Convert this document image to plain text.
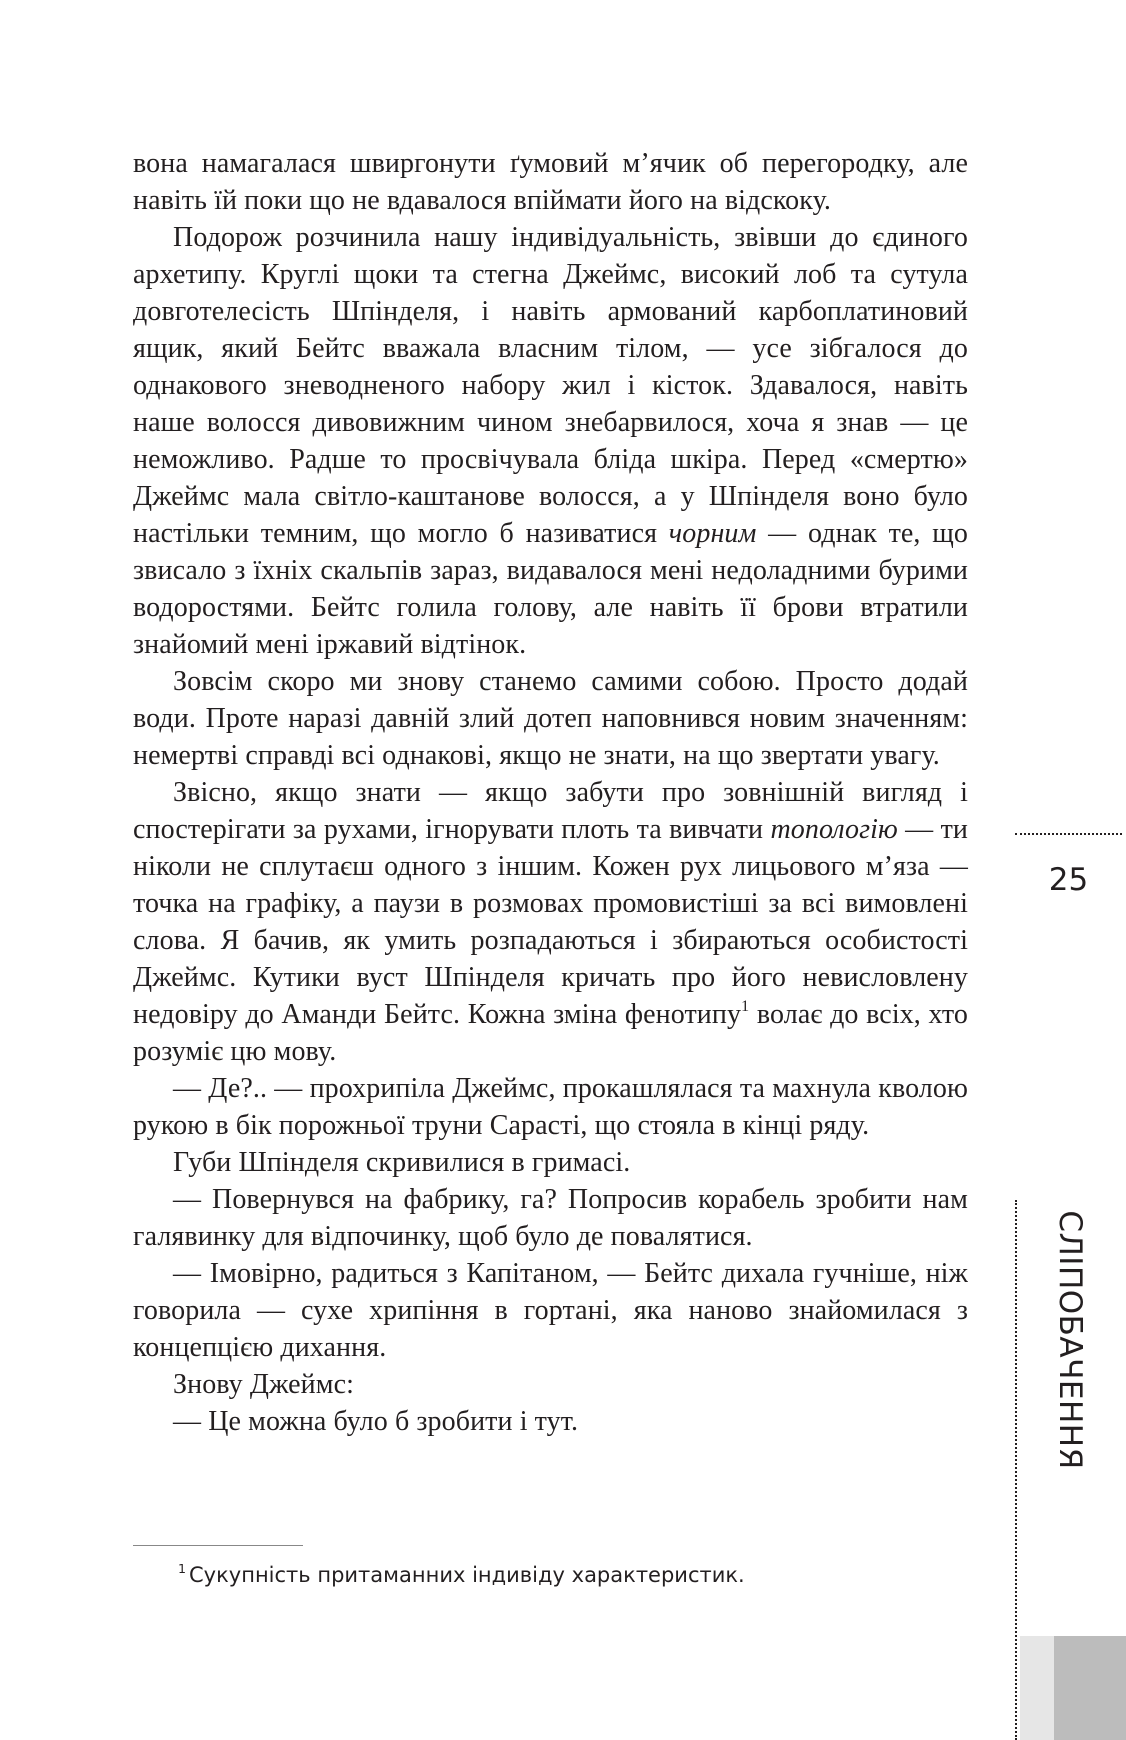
вона намагалася швиргонути ґумовий м’ячик об перегородку, але навіть їй поки що не вдавалося впіймати його на відскоку.

Подорож розчинила нашу індивідуальність, звівши до єдиного архетипу. Круглі щоки та стегна Джеймс, високий лоб та сутула довготелесість Шпінделя, і навіть армований карбоплатиновий ящик, який Бейтс вважала власним тілом, — усе зібгалося до однакового зневодненого набору жил і кісток. Здавалося, навіть наше волосся дивовижним чином знебарвилося, хоча я знав — це неможливо. Радше то просвічувала бліда шкіра. Перед «смертю» Джеймс мала світло-каштанове волосся, а у Шпінделя воно було настільки темним, що могло б називатися чорним — однак те, що звисало з їхніх скальпів зараз, видавалося мені недоладними бурими водоростями. Бейтс голила голову, але навіть її брови втратили знайомий мені іржавий відтінок.

Зовсім скоро ми знову станемо самими собою. Просто додай води. Проте наразі давній злий дотеп наповнився новим значенням: немертві справді всі однакові, якщо не знати, на що звертати увагу.

Звісно, якщо знати — якщо забути про зовнішній вигляд і спостерігати за рухами, ігнорувати плоть та вивчати топологію — ти ніколи не сплутаєш одного з іншим. Кожен рух лицьового м’яза — точка на графіку, а паузи в розмовах промовистіші за всі вимовлені слова. Я бачив, як умить розпадаються і збираються особистості Джеймс. Кутики вуст Шпінделя кричать про його невисловлену недовіру до Аманди Бейтс. Кожна зміна фенотипу$^1$ волає до всіх, хто розуміє цю мову.

— Де?.. — прохрипіла Джеймс, прокашлялася та махнула кволою рукою в бік порожньої труни Сарасті, що стояла в кінці ряду.

Губи Шпінделя скривилися в гримасі.

— Повернувся на фабрику, га? Попросив корабель зробити нам галявинку для відпочинку, щоб було де повалятися.

— Імовірно, радиться з Капітаном, — Бейтс дихала гучніше, ніж говорила — сухе хрипіння в гортані, яка наново знайомилася з концепцією дихання.

Знову Джеймс:

— Це можна було б зробити і тут.

$^1$ Сукупність притаманних індивіду характеристик.
25
СЛІПОБАЧЕННЯ
